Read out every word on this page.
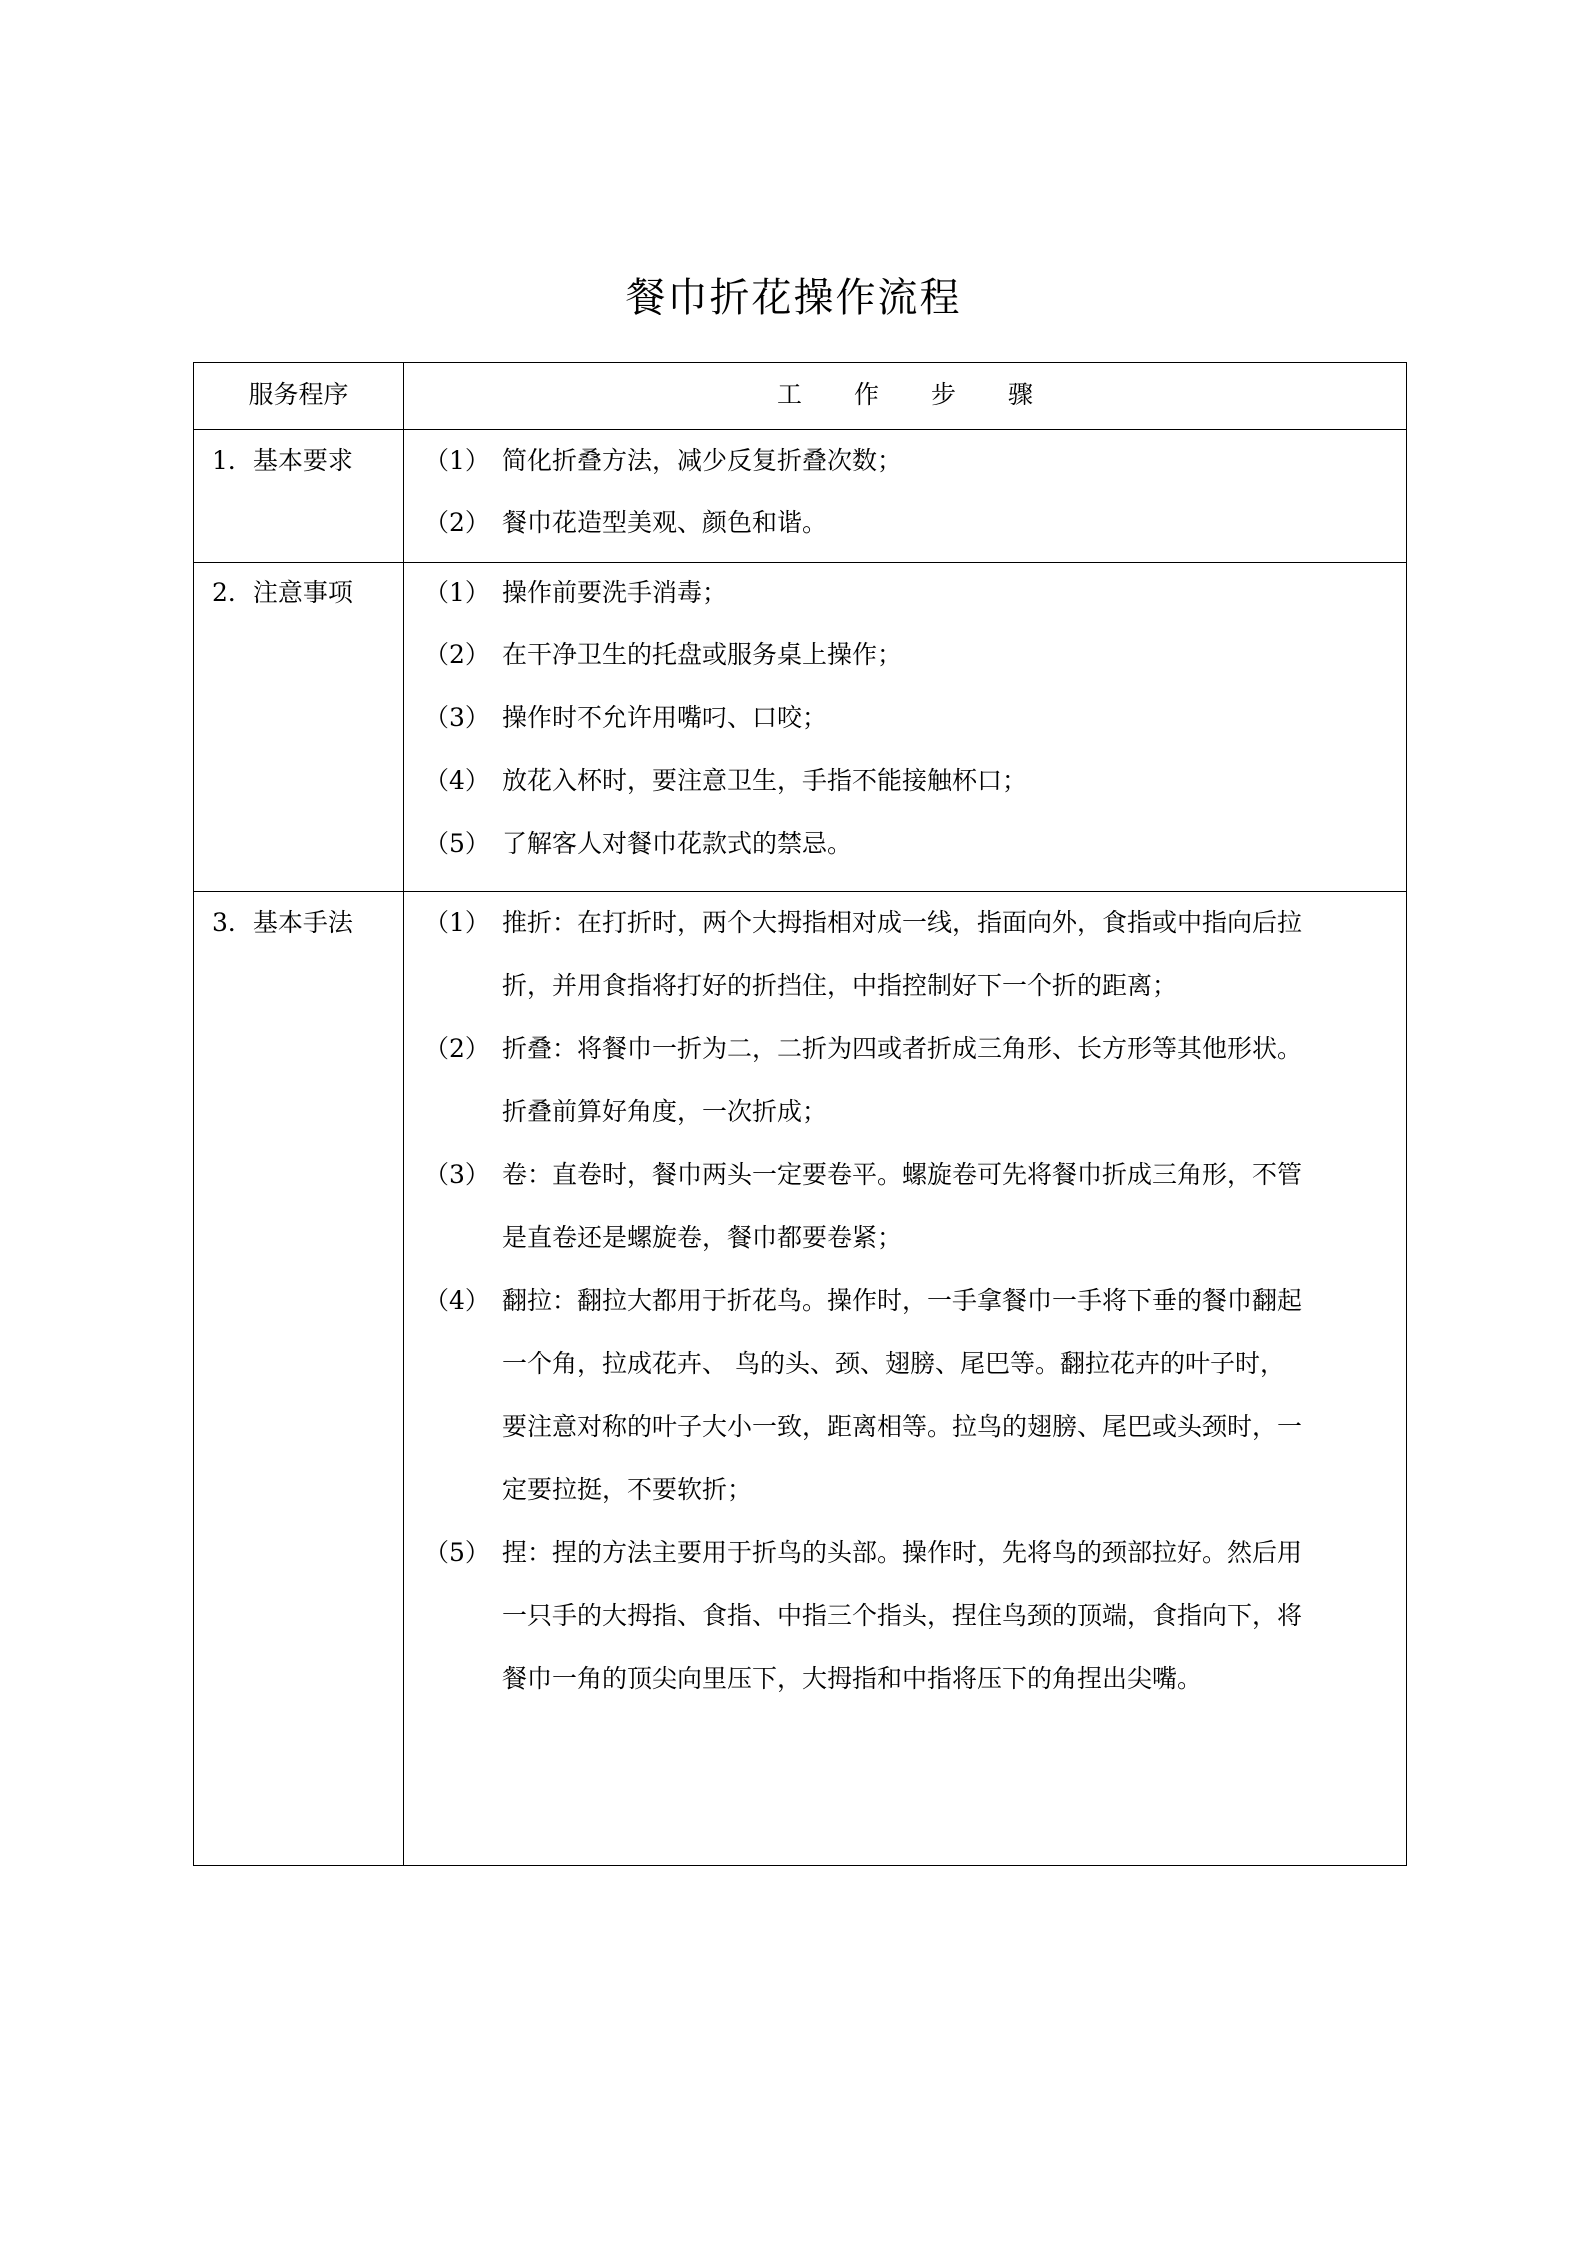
餐巾折花操作流程
服务程序	工 作 步 骤
1．基本要求	（1） 简化折叠方法，减少反复折叠次数；
（2） 餐巾花造型美观、颜色和谐。
2．注意事项	（1） 操作前要洗手消毒；
（2） 在干净卫生的托盘或服务桌上操作；
（3） 操作时不允许用嘴叼、口咬；
（4） 放花入杯时，要注意卫生，手指不能接触杯口；
（5） 了解客人对餐巾花款式的禁忌。
3．基本手法	（1） 推折：在打折时，两个大拇指相对成一线，指面向外，食指或中指向后拉
折，并用食指将打好的折挡住，中指控制好下一个折的距离；
（2） 折叠：将餐巾一折为二，二折为四或者折成三角形、长方形等其他形状。
折叠前算好角度，一次折成；
（3） 卷：直卷时，餐巾两头一定要卷平。螺旋卷可先将餐巾折成三角形，不管
是直卷还是螺旋卷，餐巾都要卷紧；
（4） 翻拉：翻拉大都用于折花鸟。操作时，一手拿餐巾一手将下垂的餐巾翻起
一个角，拉成花卉、 鸟的头、颈、翅膀、尾巴等。翻拉花卉的叶子时，
要注意对称的叶子大小一致，距离相等。拉鸟的翅膀、尾巴或头颈时，一
定要拉挺，不要软折；
（5） 捏：捏的方法主要用于折鸟的头部。操作时，先将鸟的颈部拉好。然后用
一只手的大拇指、食指、中指三个指头，捏住鸟颈的顶端，食指向下，将
餐巾一角的顶尖向里压下，大拇指和中指将压下的角捏出尖嘴。
